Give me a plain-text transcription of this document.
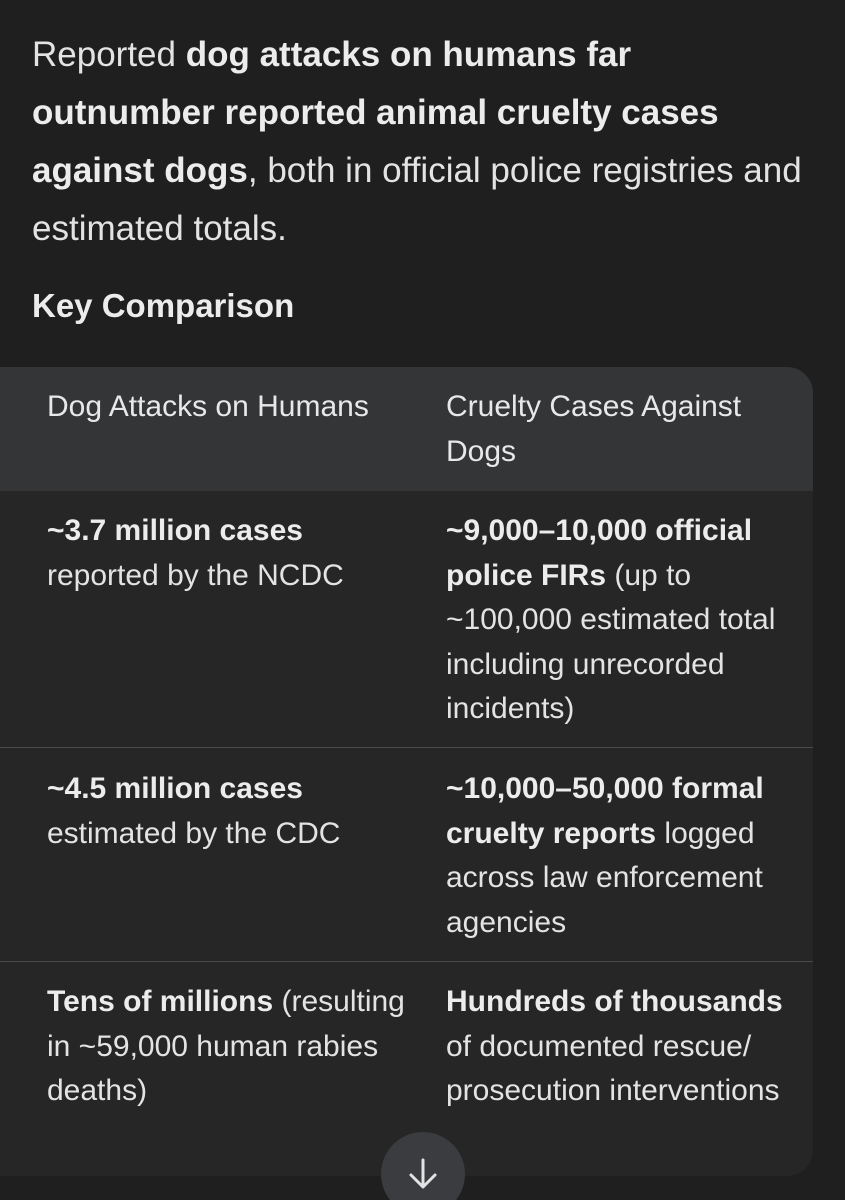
Reported dog attacks on humans far outnumber reported animal cruelty cases against dogs, both in official police registries and estimated totals.

Key Comparison

Dog Attacks on Humans	Cruelty Cases Against Dogs

~3.7 million cases reported by the NCDC

~9,000–10,000 official police FIRs (up to ~100,000 estimated total including unrecorded incidents)

~4.5 million cases estimated by the CDC

~10,000–50,000 formal cruelty reports logged across law enforcement agencies

Tens of millions (resulting in ~59,000 human rabies deaths)

Hundreds of thousands of documented rescue/ prosecution interventions
